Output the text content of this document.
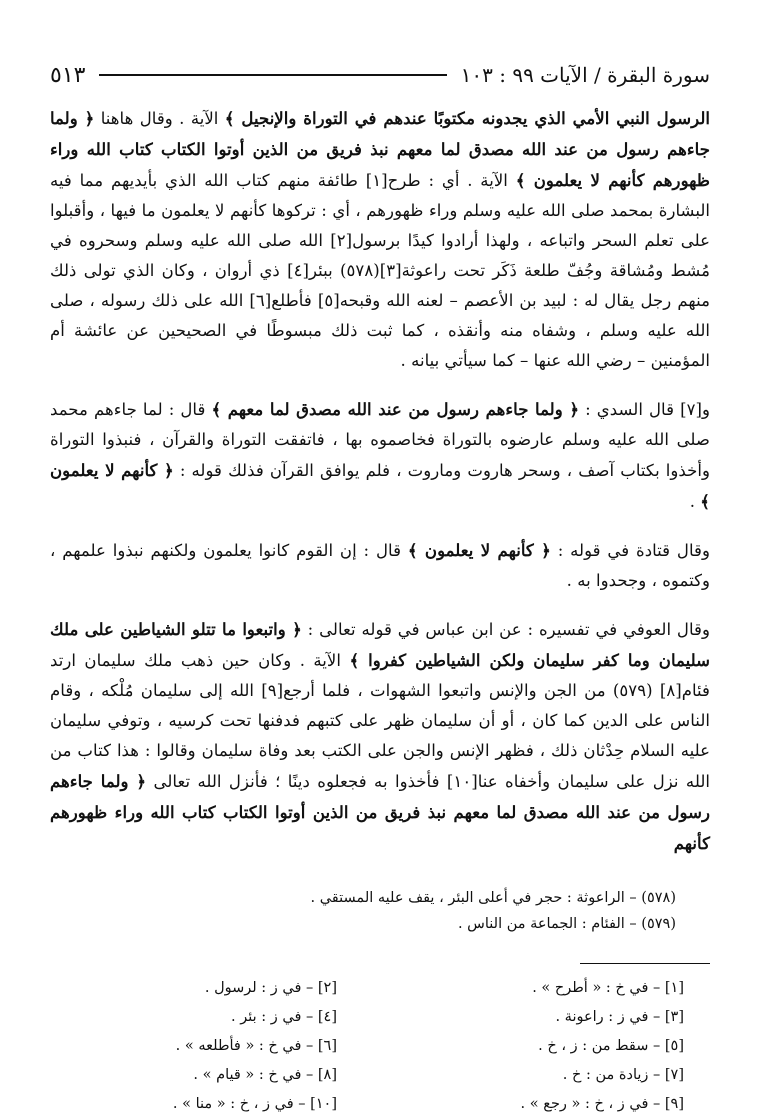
سورة البقرة / الآيات ٩٩ : ١٠٣
٥١٣

الرسول النبي الأمي الذي يجدونه مكتوبًا عندهم في التوراة والإنجيل ﴾ الآية . وقال هاهنا ﴿ ولما جاءهم رسول من عند الله مصدق لما معهم نبذ فريق من الذين أوتوا الكتاب كتاب الله وراء ظهورهم كأنهم لا يعلمون ﴾ الآية . أي : طرح[١] طائفة منهم كتاب الله الذي بأيديهم مما فيه البشارة بمحمد صلى الله عليه وسلم وراء ظهورهم ، أي : تركوها كأنهم لا يعلمون ما فيها ، وأقبلوا على تعلم السحر واتباعه ، ولهذا أرادوا كيدًا برسول[٢] الله صلى الله عليه وسلم وسحروه في مُشط ومُشاقة وجُفّ طلعة ذَكَر تحت راعوثة[٣](٥٧٨) ببئر[٤] ذي أروان ، وكان الذي تولى ذلك منهم رجل يقال له : لبيد بن الأعصم – لعنه الله وقبحه[٥] فأطلع[٦] الله على ذلك رسوله ، صلى الله عليه وسلم ، وشفاه منه وأنقذه ، كما ثبت ذلك مبسوطًا في الصحيحين عن عائشة أم المؤمنين – رضي الله عنها – كما سيأتي بيانه .

و[٧] قال السدي : ﴿ ولما جاءهم رسول من عند الله مصدق لما معهم ﴾ قال : لما جاءهم محمد صلى الله عليه وسلم عارضوه بالتوراة فخاصموه بها ، فاتفقت التوراة والقرآن ، فنبذوا التوراة وأخذوا بكتاب آصف ، وسحر هاروت وماروت ، فلم يوافق القرآن فذلك قوله : ﴿ كأنهم لا يعلمون ﴾ .

وقال قتادة في قوله : ﴿ كأنهم لا يعلمون ﴾ قال : إن القوم كانوا يعلمون ولكنهم نبذوا علمهم ، وكتموه ، وجحدوا به .

وقال العوفي في تفسيره : عن ابن عباس في قوله تعالى : ﴿ واتبعوا ما تتلو الشياطين على ملك سليمان وما كفر سليمان ولكن الشياطين كفروا ﴾ الآية . وكان حين ذهب ملك سليمان ارتد فئام[٨] (٥٧٩) من الجن والإنس واتبعوا الشهوات ، فلما أرجع[٩] الله إلى سليمان مُلْكه ، وقام الناس على الدين كما كان ، أو أن سليمان ظهر على كتبهم فدفنها تحت كرسيه ، وتوفي سليمان عليه السلام حِدْثان ذلك ، فظهر الإنس والجن على الكتب بعد وفاة سليمان وقالوا : هذا كتاب من الله نزل على سليمان وأخفاه عنا[١٠] فأخذوا به فجعلوه دينًا ؛ فأنزل الله تعالى ﴿ ولما جاءهم رسول من عند الله مصدق لما معهم نبذ فريق من الذين أوتوا الكتاب كتاب الله وراء ظهورهم كأنهم

(٥٧٨) – الراعوثة : حجر في أعلى البئر ، يقف عليه المستقي .
(٥٧٩) – الفئام : الجماعة من الناس .
[١] – في خ : « أطرح » .
[٢] – في ز : لرسول .
[٣] – في ز : راعونة .
[٤] – في ز : بئر .
[٥] – سقط من : ز ، خ .
[٦] – في خ : « فأطلعه » .
[٧] – زيادة من : خ .
[٨] – في خ : « قيام » .
[٩] – في ز ، خ : « رجع » .
[١٠] – في ز ، خ : « منا » .
